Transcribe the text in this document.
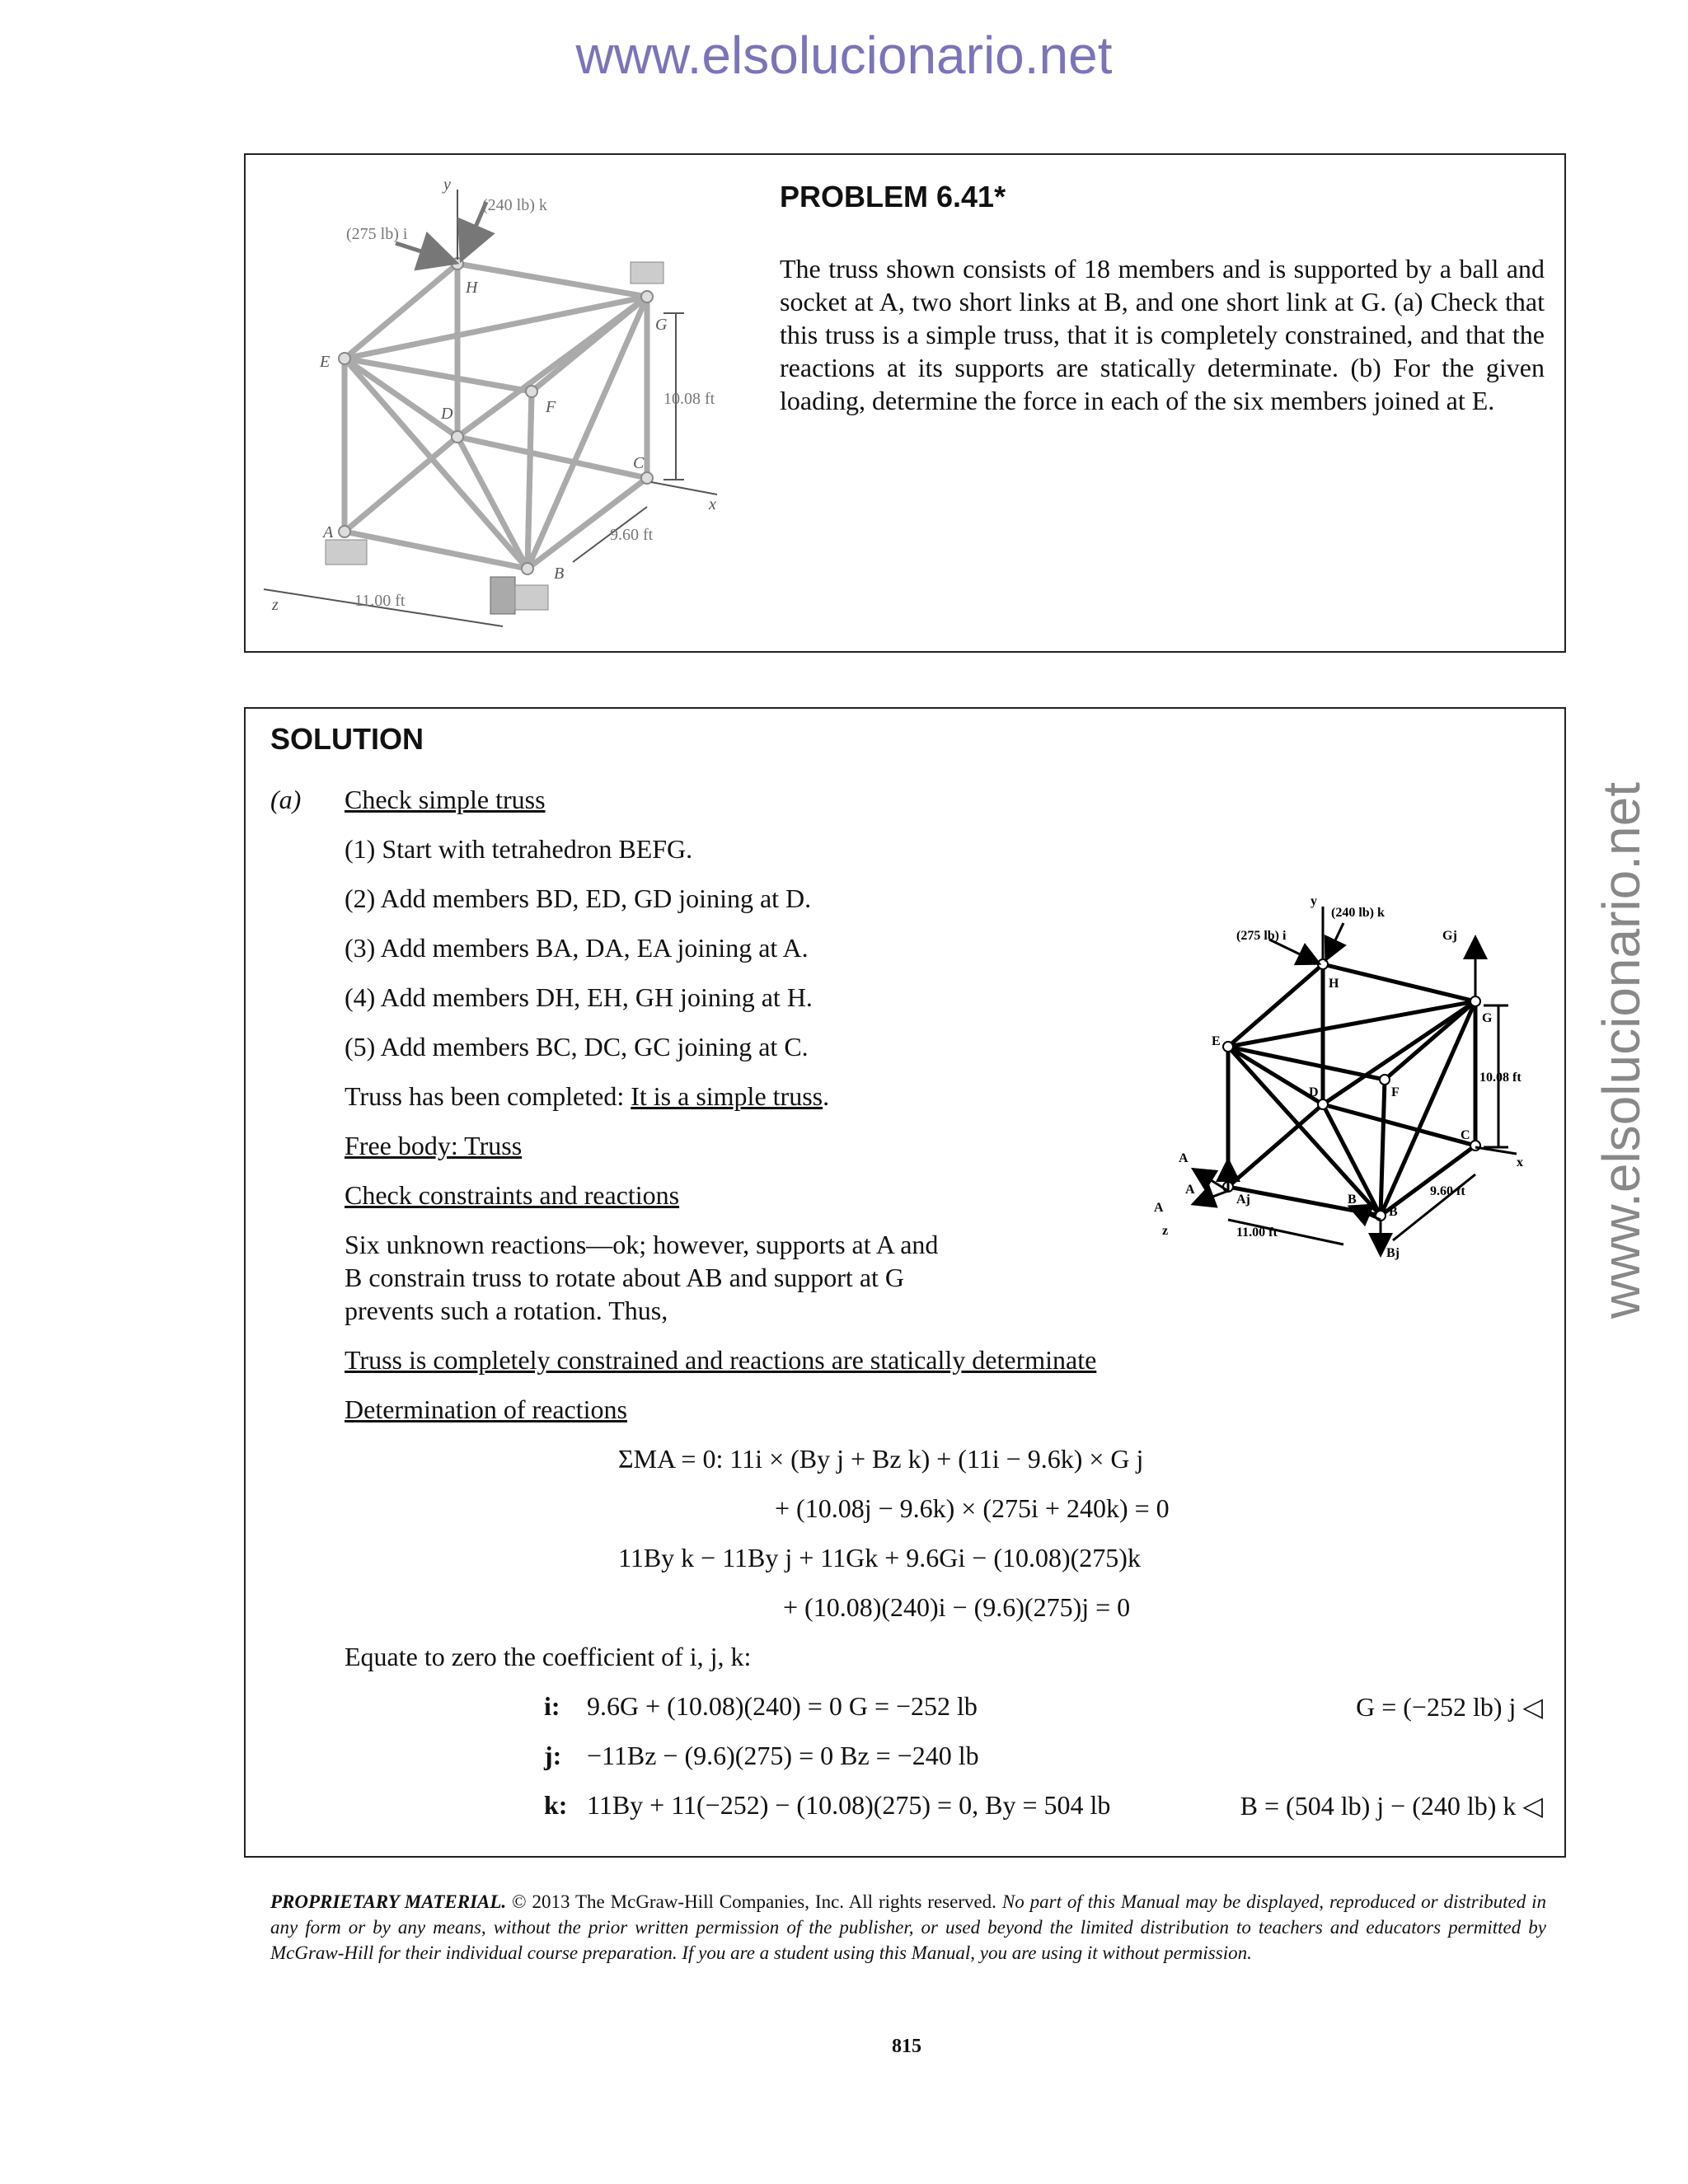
www.elsolucionario.net
www.elsolucionario.net
y
x
z
H
G
E
D	F
C
A
B
(240 lb) k
(275 lb) i
10.08 ft
9.60 ft
11.00 ft
PROBLEM 6.41*
The truss shown consists of 18 members and is supported by a ball and socket at A, two short links at B, and one short link at G. (a) Check that this truss is a simple truss, that it is completely constrained, and that the reactions at its supports are statically determinate. (b) For the given loading, determine the force in each of the six members joined at E.
SOLUTION
(a) Check simple truss
(1) Start with tetrahedron BEFG.
(2) Add members BD, ED, GD joining at D.
(3) Add members BA, DA, EA joining at A.
(4) Add members DH, EH, GH joining at H.
(5) Add members BC, DC, GC joining at C.
Truss has been completed: It is a simple truss.
Free body: Truss
Check constraints and reactions
Six unknown reactions—ok; however, supports at A and
B constrain truss to rotate about AB and support at G
prevents such a rotation. Thus,
Truss is completely constrained and reactions are statically determinate
Determination of reactions
y
x
z
(240 lb) k
(275 lb) i	Gj
H
G
E
D	F
C
A
B
A
Aj
A
B
Bj
10.08 ft
9.60 ft
11.00 ft
ΣMA = 0: 11i × (By j + Bz k) + (11i − 9.6k) × G j
+ (10.08j − 9.6k) × (275i + 240k) = 0
11By k − 11By j + 11Gk + 9.6Gi − (10.08)(275)k
+ (10.08)(240)i − (9.6)(275)j = 0
Equate to zero the coefficient of i, j, k:
i: 9.6G + (10.08)(240) = 0 G = −252 lb	G = (−252 lb) j ◁
j: −11Bz − (9.6)(275) = 0 Bz = −240 lb
k: 11By + 11(−252) − (10.08)(275) = 0, By = 504 lb	B = (504 lb) j − (240 lb) k ◁
PROPRIETARY MATERIAL. © 2013 The McGraw-Hill Companies, Inc. All rights reserved. No part of this Manual may be displayed, reproduced or distributed in any form or by any means, without the prior written permission of the publisher, or used beyond the limited distribution to teachers and educators permitted by McGraw-Hill for their individual course preparation. If you are a student using this Manual, you are using it without permission.
815
